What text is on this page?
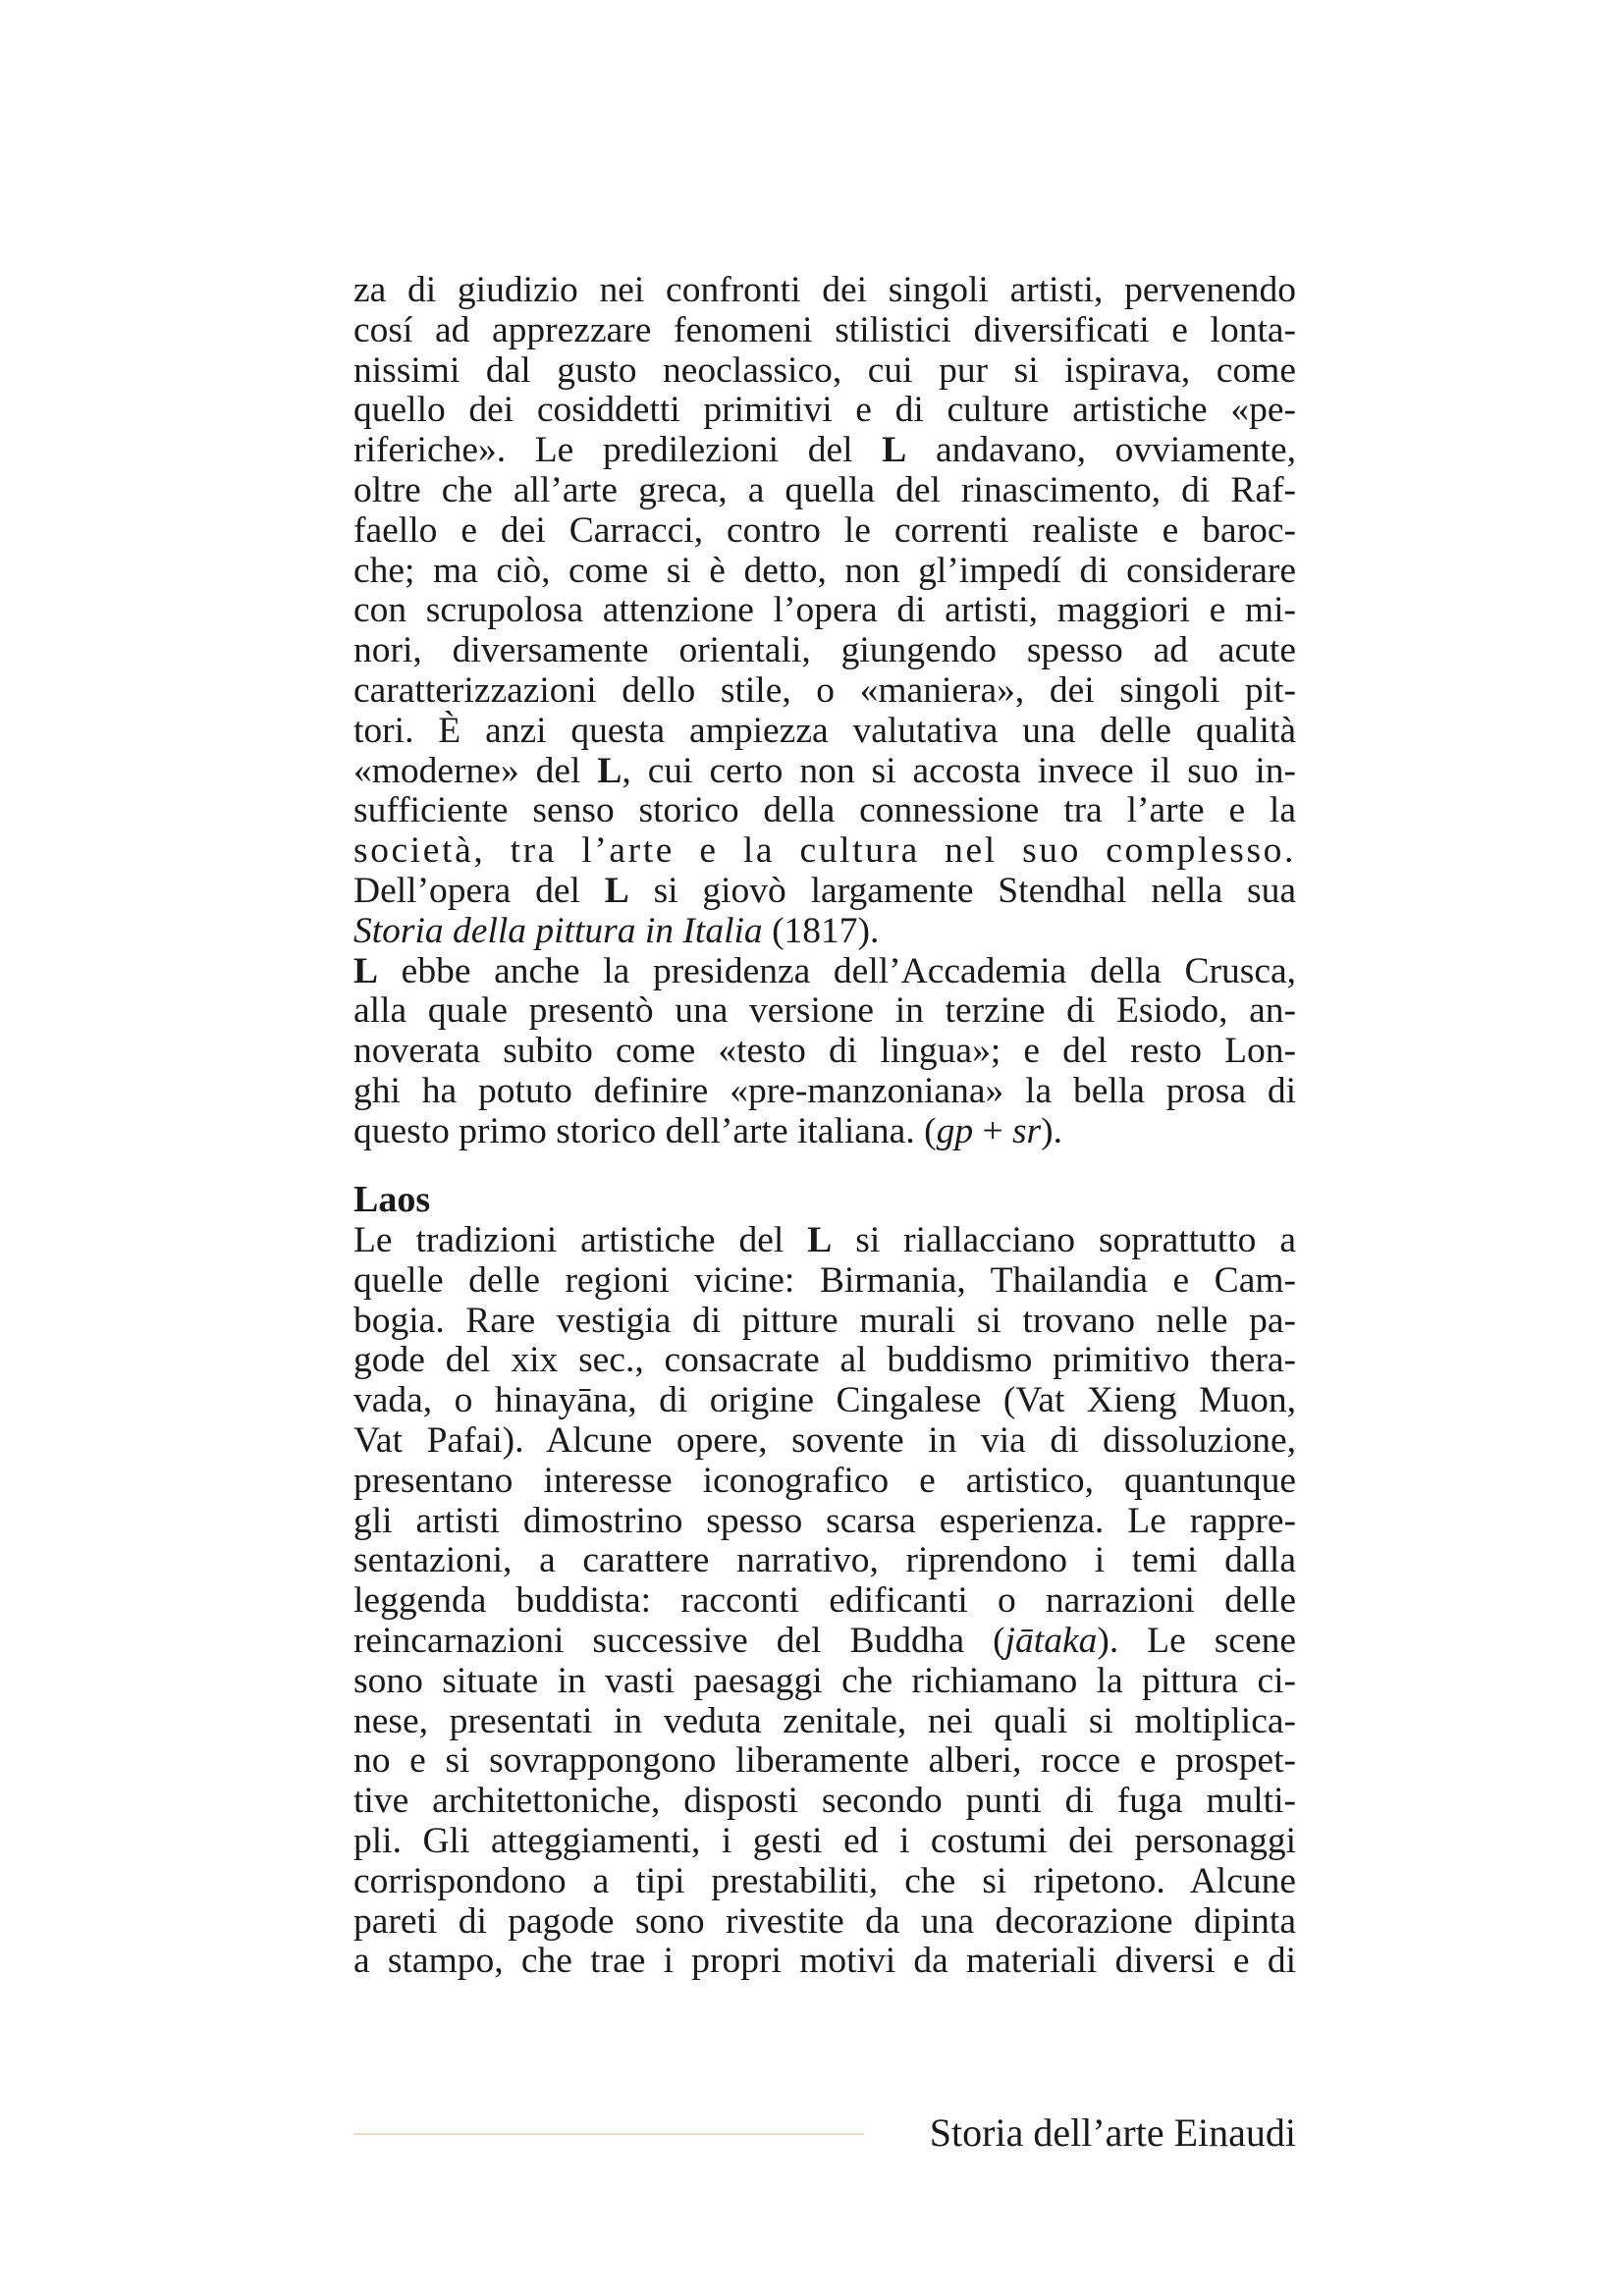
za di giudizio nei confronti dei singoli artisti, pervenendo
cosí ad apprezzare fenomeni stilistici diversificati e lonta-
nissimi dal gusto neoclassico, cui pur si ispirava, come
quello dei cosiddetti primitivi e di culture artistiche «pe-
riferiche». Le predilezioni del L andavano, ovviamente,
oltre che all’arte greca, a quella del rinascimento, di Raf-
faello e dei Carracci, contro le correnti realiste e baroc-
che; ma ciò, come si è detto, non gl’impedí di considerare
con scrupolosa attenzione l’opera di artisti, maggiori e mi-
nori, diversamente orientali, giungendo spesso ad acute
caratterizzazioni dello stile, o «maniera», dei singoli pit-
tori. È anzi questa ampiezza valutativa una delle qualità
«moderne» del L, cui certo non si accosta invece il suo in-
sufficiente senso storico della connessione tra l’arte e la
società, tra l’arte e la cultura nel suo complesso.
Dell’opera del L si giovò largamente Stendhal nella sua
Storia della pittura in Italia (1817).
L ebbe anche la presidenza dell’Accademia della Crusca,
alla quale presentò una versione in terzine di Esiodo, an-
noverata subito come «testo di lingua»; e del resto Lon-
ghi ha potuto definire «pre-manzoniana» la bella prosa di
questo primo storico dell’arte italiana. (gp + sr).
Laos
Le tradizioni artistiche del L si riallacciano soprattutto a
quelle delle regioni vicine: Birmania, Thailandia e Cam-
bogia. Rare vestigia di pitture murali si trovano nelle pa-
gode del xix sec., consacrate al buddismo primitivo thera-
vada, o hinayāna, di origine Cingalese (Vat Xieng Muon,
Vat Pafai). Alcune opere, sovente in via di dissoluzione,
presentano interesse iconografico e artistico, quantunque
gli artisti dimostrino spesso scarsa esperienza. Le rappre-
sentazioni, a carattere narrativo, riprendono i temi dalla
leggenda buddista: racconti edificanti o narrazioni delle
reincarnazioni successive del Buddha (jātaka). Le scene
sono situate in vasti paesaggi che richiamano la pittura ci-
nese, presentati in veduta zenitale, nei quali si moltiplica-
no e si sovrappongono liberamente alberi, rocce e prospet-
tive architettoniche, disposti secondo punti di fuga multi-
pli. Gli atteggiamenti, i gesti ed i costumi dei personaggi
corrispondono a tipi prestabiliti, che si ripetono. Alcune
pareti di pagode sono rivestite da una decorazione dipinta
a stampo, che trae i propri motivi da materiali diversi e di
Storia dell’arte Einaudi
